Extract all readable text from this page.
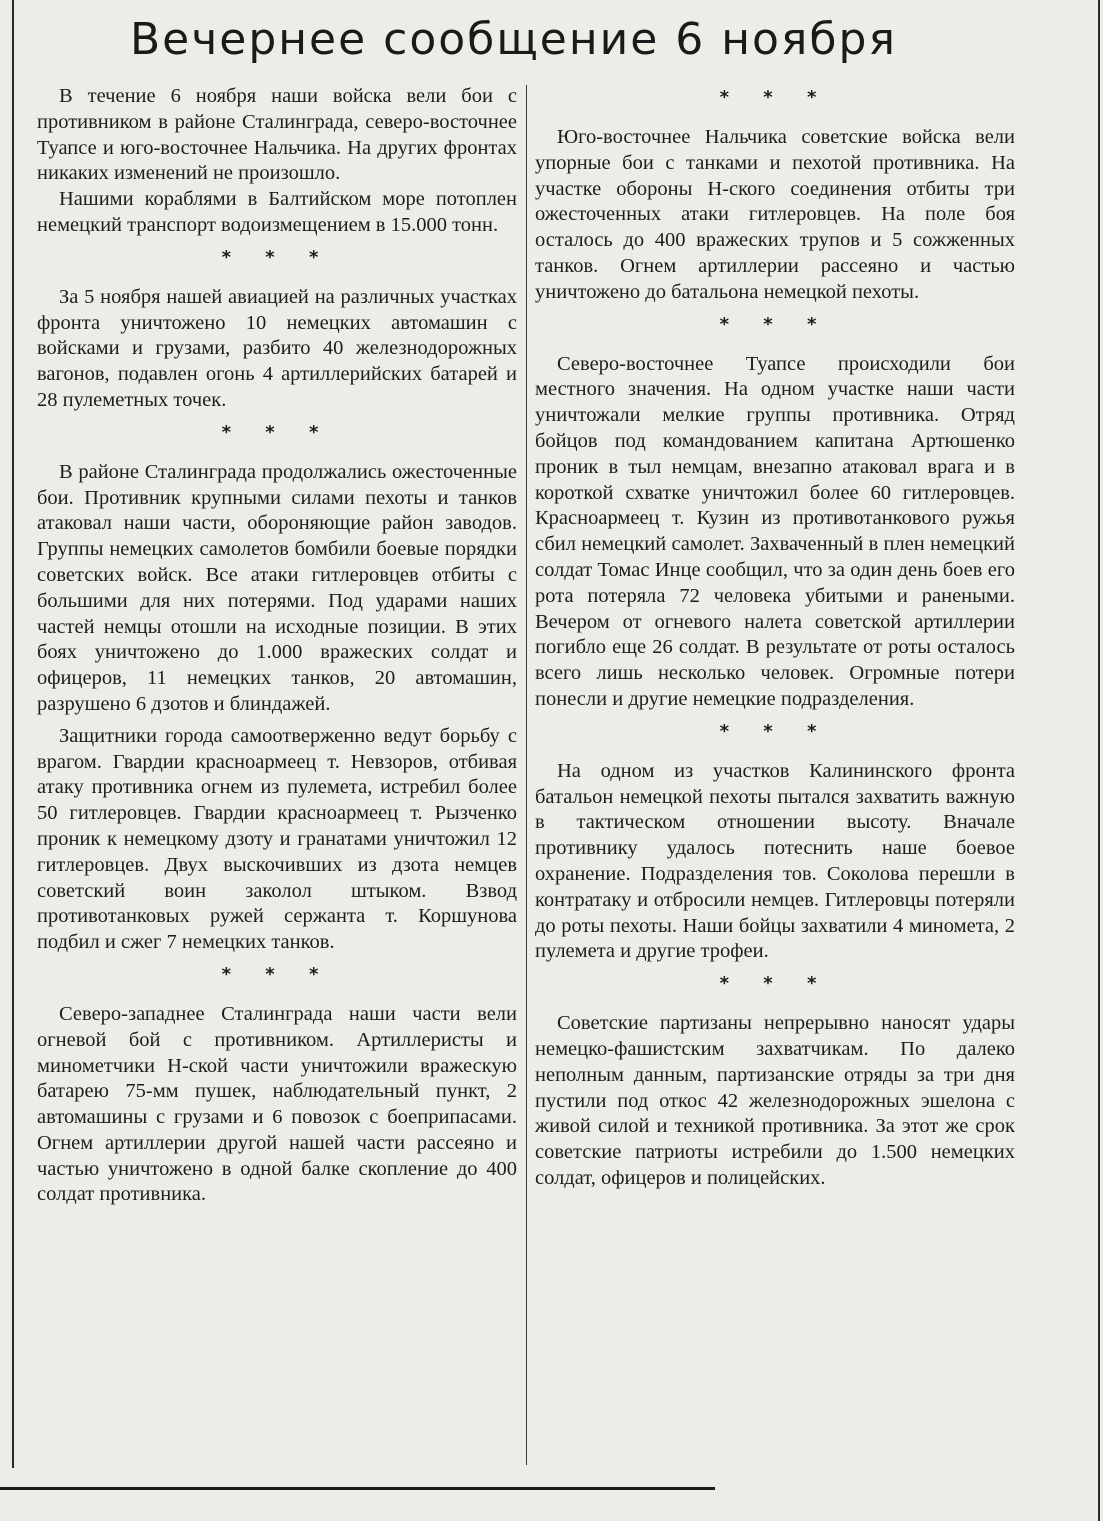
Вечернее сообщение 6 ноября

В течение 6 ноября наши войска вели бои с противником в районе Сталинграда, северо-восточнее Туапсе и юго-восточнее Нальчика. На других фронтах никаких изменений не произошло.

Нашими кораблями в Балтийском море потоплен немецкий транспорт водоизмещением в 15.000 тонн.

* * *

За 5 ноября нашей авиацией на различных участках фронта уничтожено 10 немецких автомашин с войсками и грузами, разбито 40 железнодорожных вагонов, подавлен огонь 4 артиллерийских батарей и 28 пулеметных точек.

* * *

В районе Сталинграда продолжались ожесточенные бои. Противник крупными силами пехоты и танков атаковал наши части, обороняющие район заводов. Группы немецких самолетов бомбили боевые порядки советских войск. Все атаки гитлеровцев отбиты с большими для них потерями. Под ударами наших частей немцы отошли на исходные позиции. В этих боях уничтожено до 1.000 вражеских солдат и офицеров, 11 немецких танков, 20 автомашин, разрушено 6 дзотов и блиндажей.

Защитники города самоотверженно ведут борьбу с врагом. Гвардии красноармеец т. Невзоров, отбивая атаку противника огнем из пулемета, истребил более 50 гитлеровцев. Гвардии красноармеец т. Рызченко проник к немецкому дзоту и гранатами уничтожил 12 гитлеровцев. Двух выскочивших из дзота немцев советский воин заколол штыком. Взвод противотанковых ружей сержанта т. Коршунова подбил и сжег 7 немецких танков.

* * *

Северо-западнее Сталинграда наши части вели огневой бой с противником. Артиллеристы и минометчики Н-ской части уничтожили вражескую батарею 75-мм пушек, наблюдательный пункт, 2 автомашины с грузами и 6 повозок с боеприпасами. Огнем артиллерии другой нашей части рассеяно и частью уничтожено в одной балке скопление до 400 солдат противника.

* * *

Юго-восточнее Нальчика советские войска вели упорные бои с танками и пехотой противника. На участке обороны Н-ского соединения отбиты три ожесточенных атаки гитлеровцев. На поле боя осталось до 400 вражеских трупов и 5 сожженных танков. Огнем артиллерии рассеяно и частью уничтожено до батальона немецкой пехоты.

* * *

Северо-восточнее Туапсе происходили бои местного значения. На одном участке наши части уничтожали мелкие группы противника. Отряд бойцов под командованием капитана Артюшенко проник в тыл немцам, внезапно атаковал врага и в короткой схватке уничтожил более 60 гитлеровцев. Красноармеец т. Кузин из противотанкового ружья сбил немецкий самолет. Захваченный в плен немецкий солдат Томас Инце сообщил, что за один день боев его рота потеряла 72 человека убитыми и ранеными. Вечером от огневого налета советской артиллерии погибло еще 26 солдат. В результате от роты осталось всего лишь несколько человек. Огромные потери понесли и другие немецкие подразделения.

* * *

На одном из участков Калининского фронта батальон немецкой пехоты пытался захватить важную в тактическом отношении высоту. Вначале противнику удалось потеснить наше боевое охранение. Подразделения тов. Соколова перешли в контратаку и отбросили немцев. Гитлеровцы потеряли до роты пехоты. Наши бойцы захватили 4 миномета, 2 пулемета и другие трофеи.

* * *

Советские партизаны непрерывно наносят удары немецко-фашистским захватчикам. По далеко неполным данным, партизанские отряды за три дня пустили под откос 42 железнодорожных эшелона с живой силой и техникой противника. За этот же срок советские патриоты истребили до 1.500 немецких солдат, офицеров и полицейских.
